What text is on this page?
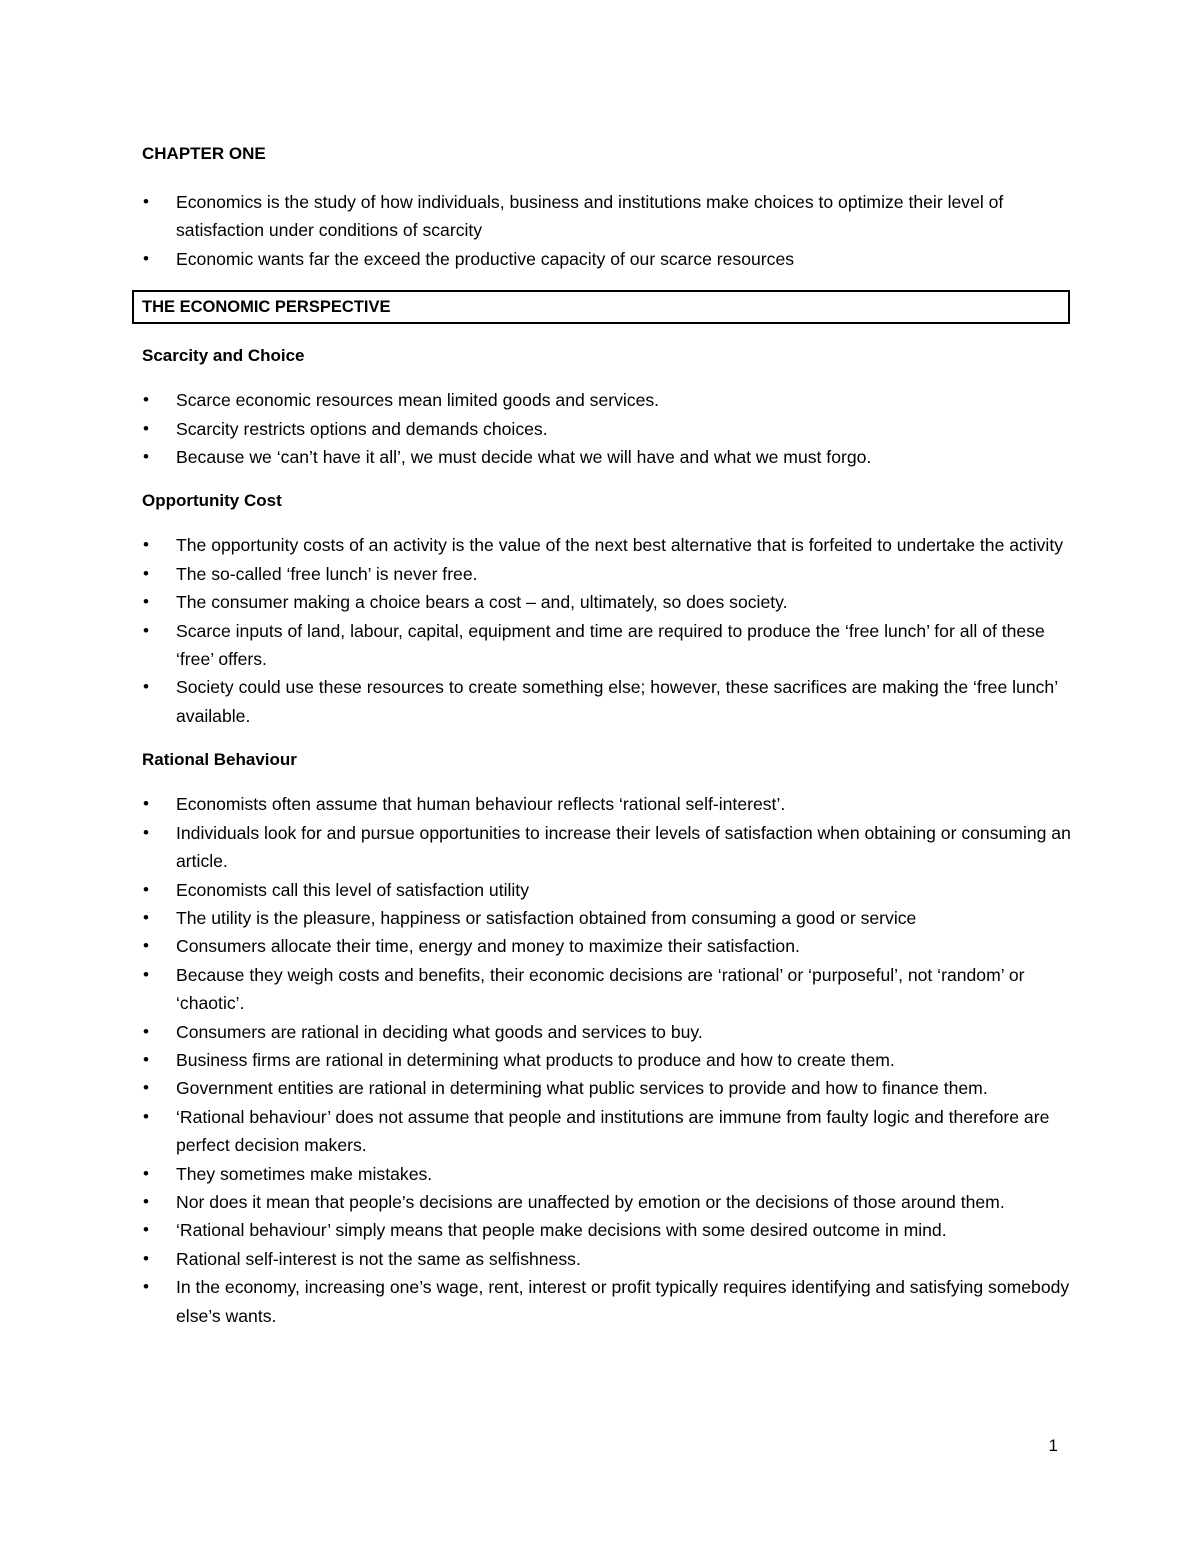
CHAPTER ONE

• Economics is the study of how individuals, business and institutions make choices to optimize their level of satisfaction under conditions of scarcity
• Economic wants far the exceed the productive capacity of our scarce resources
THE ECONOMIC PERSPECTIVE

Scarcity and Choice

• Scarce economic resources mean limited goods and services.
• Scarcity restricts options and demands choices.
• Because we ‘can’t have it all’, we must decide what we will have and what we must forgo.

Opportunity Cost

• The opportunity costs of an activity is the value of the next best alternative that is forfeited to undertake the activity
• The so-called ‘free lunch’ is never free.
• The consumer making a choice bears a cost – and, ultimately, so does society.
• Scarce inputs of land, labour, capital, equipment and time are required to produce the ‘free lunch’ for all of these ‘free’ offers.
• Society could use these resources to create something else; however, these sacrifices are making the ‘free lunch’ available.

Rational Behaviour

• Economists often assume that human behaviour reflects ‘rational self-interest’.
• Individuals look for and pursue opportunities to increase their levels of satisfaction when obtaining or consuming an article.
• Economists call this level of satisfaction utility
• The utility is the pleasure, happiness or satisfaction obtained from consuming a good or service
• Consumers allocate their time, energy and money to maximize their satisfaction.
• Because they weigh costs and benefits, their economic decisions are ‘rational’ or ‘purposeful’, not ‘random’ or ‘chaotic’.
• Consumers are rational in deciding what goods and services to buy.
• Business firms are rational in determining what products to produce and how to create them.
• Government entities are rational in determining what public services to provide and how to finance them.
• ‘Rational behaviour’ does not assume that people and institutions are immune from faulty logic and therefore are perfect decision makers.
• They sometimes make mistakes.
• Nor does it mean that people’s decisions are unaffected by emotion or the decisions of those around them.
• ‘Rational behaviour’ simply means that people make decisions with some desired outcome in mind.
• Rational self-interest is not the same as selfishness.
• In the economy, increasing one’s wage, rent, interest or profit typically requires identifying and satisfying somebody else’s wants.
1
